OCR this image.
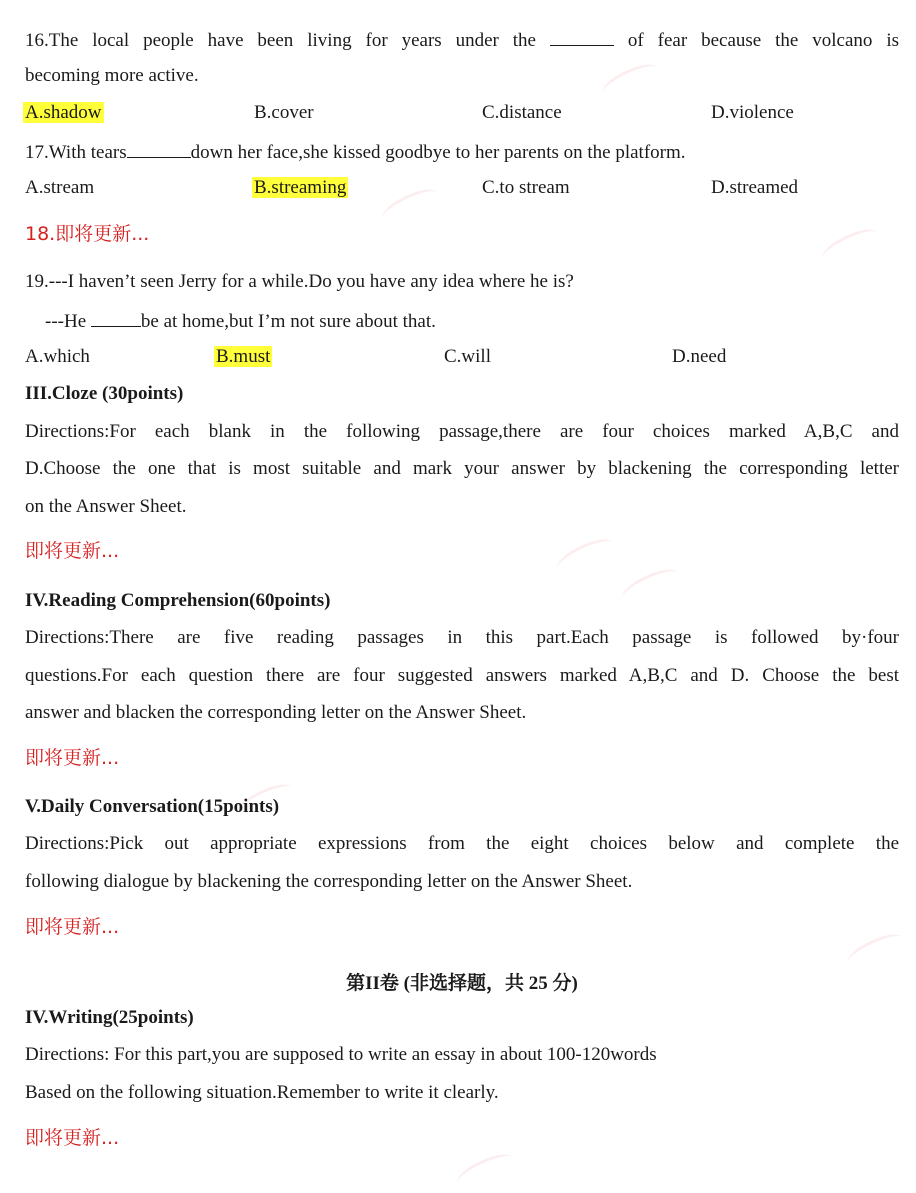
16.The local people have been living for years under the	of fear because the volcano is
becoming more active.
A.shadow	B.cover	C.distance	D.violence
17.With tears	down her face,she kissed goodbye to her parents on the platform.
A.stream	B.streaming	C.to stream	D.streamed
18.即将更新...
19.---I haven’t seen Jerry for a while.Do you have any idea where he is?
---He	be at home,but I’m not sure about that.
A.which	B.must	C.will	D.need
III.Cloze (30points)
Directions:For each blank in the following passage,there are four choices marked A,B,C and
D.Choose the one that is most suitable and mark your answer by blackening the corresponding letter
on the Answer Sheet.
即将更新...
IV.Reading Comprehension(60points)
Directions:There are five reading passages in this part.Each passage is followed by·four
questions.For each question there are four suggested answers marked A,B,C and D. Choose the best
answer and blacken the corresponding letter on the Answer Sheet.
即将更新...
V.Daily Conversation(15points)
Directions:Pick out appropriate expressions from the eight choices below and complete the
following dialogue by blackening the corresponding letter on the Answer Sheet.
即将更新...
第II卷 (非选择题，共 25 分)
IV.Writing(25points)
Directions: For this part,you are supposed to write an essay in about 100-120words
Based on the following situation.Remember to write it clearly.
即将更新...
